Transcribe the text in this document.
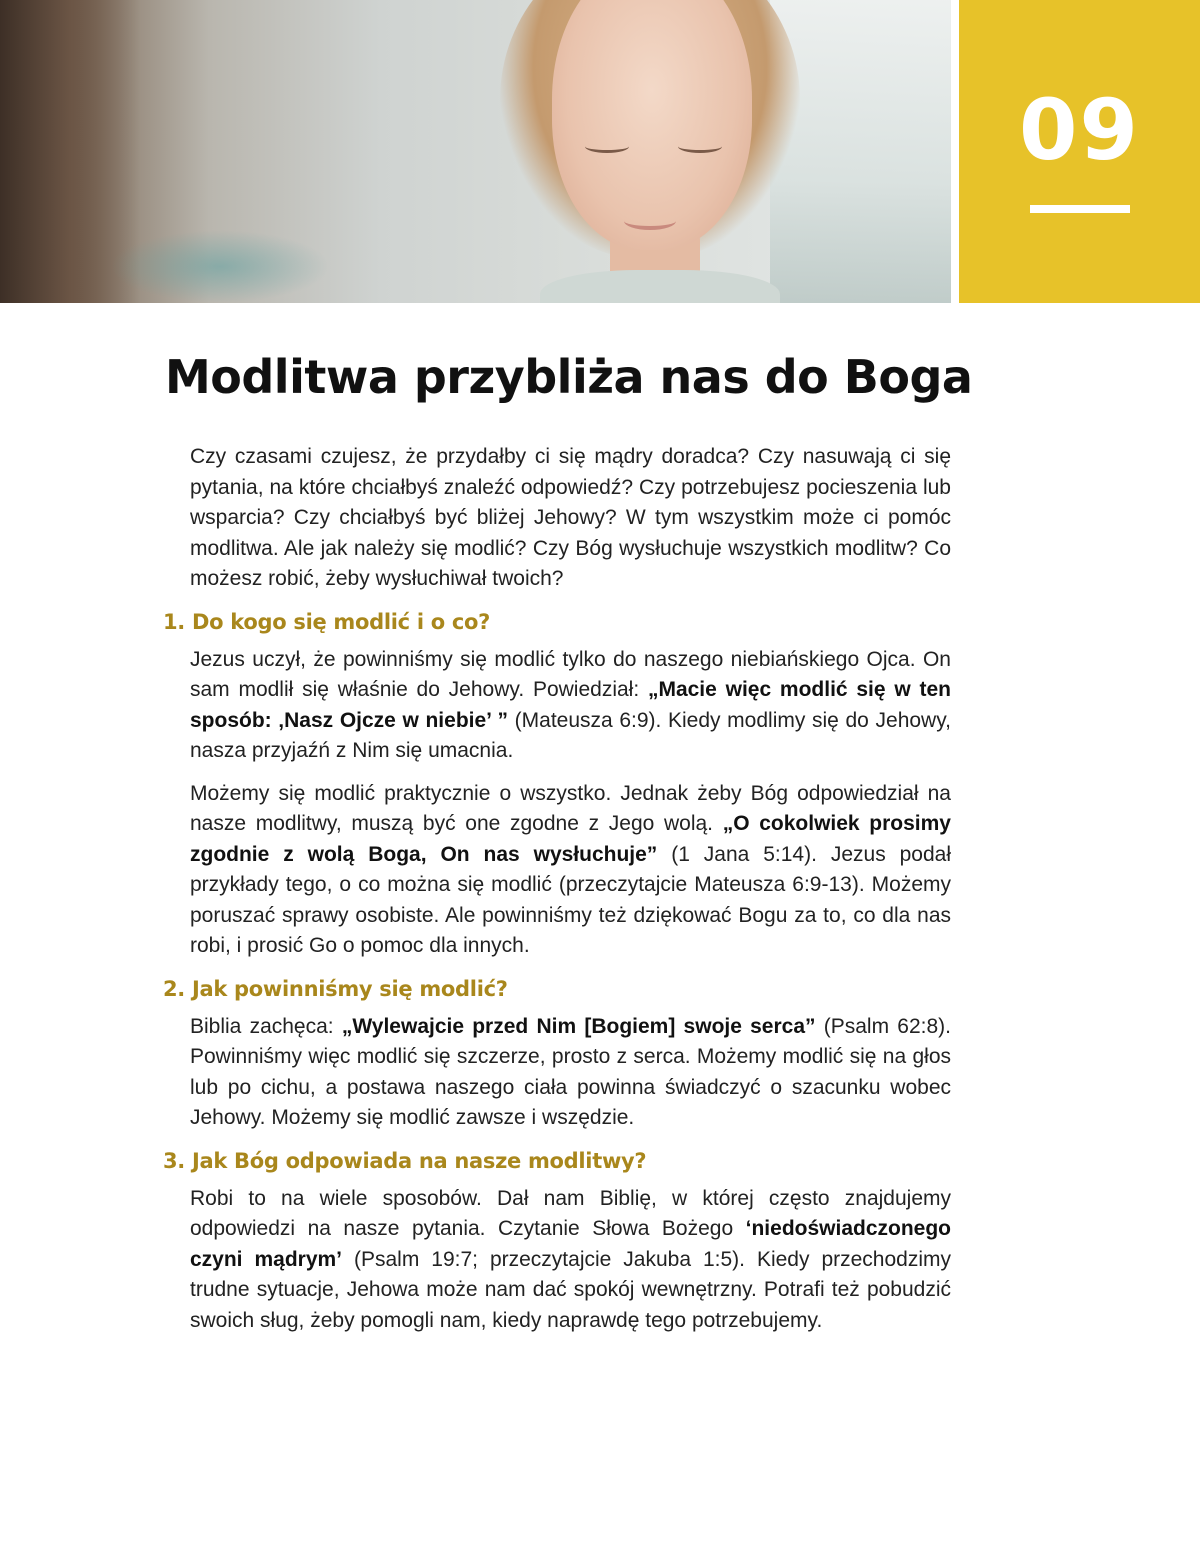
09
Modlitwa przybliża nas do Boga

Czy czasami czujesz, że przydałby ci się mądry doradca? Czy nasuwają ci się pytania, na które chciałbyś znaleźć odpowiedź? Czy potrzebujesz pocieszenia lub wsparcia? Czy chciałbyś być bliżej Jehowy? W tym wszystkim może ci pomóc modlitwa. Ale jak należy się modlić? Czy Bóg wysłuchuje wszystkich modlitw? Co możesz robić, żeby wysłuchiwał twoich?

1. Do kogo się modlić i o co?

Jezus uczył, że powinniśmy się modlić tylko do naszego niebiańskiego Ojca. On sam modlił się właśnie do Jehowy. Powiedział: „Macie więc modlić się w ten sposób: ‚Nasz Ojcze w niebie’ ” (Mateusza 6:9). Kiedy modlimy się do Jehowy, nasza przyjaźń z Nim się umacnia.

Możemy się modlić praktycznie o wszystko. Jednak żeby Bóg odpowiedział na nasze modlitwy, muszą być one zgodne z Jego wolą. „O cokolwiek prosimy zgodnie z wolą Boga, On nas wysłuchuje” (1 Jana 5:14). Jezus podał przykłady tego, o co można się modlić (przeczytajcie Mateusza 6:9-13). Możemy poruszać sprawy osobiste. Ale powinniśmy też dziękować Bogu za to, co dla nas robi, i prosić Go o pomoc dla innych.

2. Jak powinniśmy się modlić?

Biblia zachęca: „Wylewajcie przed Nim [Bogiem] swoje serca” (Psalm 62:8). Powinniśmy więc modlić się szczerze, prosto z serca. Możemy modlić się na głos lub po cichu, a postawa naszego ciała powinna świadczyć o szacunku wobec Jehowy. Możemy się modlić zawsze i wszędzie.

3. Jak Bóg odpowiada na nasze modlitwy?

Robi to na wiele sposobów. Dał nam Biblię, w której często znajdujemy odpowiedzi na nasze pytania. Czytanie Słowa Bożego ‘niedoświadczonego czyni mądrym’ (Psalm 19:7; przeczytajcie Jakuba 1:5). Kiedy przechodzimy trudne sytuacje, Jehowa może nam dać spokój wewnętrzny. Potrafi też pobudzić swoich sług, żeby pomogli nam, kiedy naprawdę tego potrzebujemy.
